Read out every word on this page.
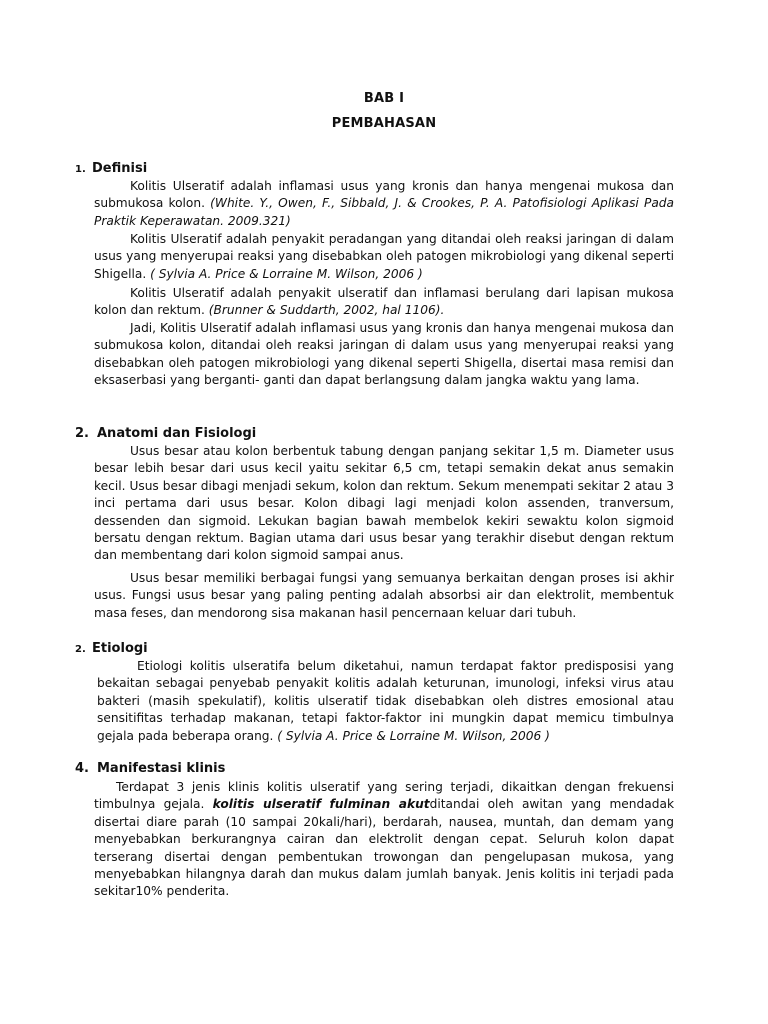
BAB I
PEMBAHASAN
1. Definisi

Kolitis Ulseratif adalah inflamasi usus yang kronis dan hanya mengenai mukosa dan submukosa kolon. (White. Y., Owen, F., Sibbald, J. & Crookes, P. A. Patofisiologi Aplikasi Pada Praktik Keperawatan. 2009.321)

Kolitis Ulseratif adalah penyakit peradangan yang ditandai oleh reaksi jaringan di dalam usus yang menyerupai reaksi yang disebabkan oleh patogen mikrobiologi yang dikenal seperti Shigella. ( Sylvia A. Price & Lorraine M. Wilson, 2006 )

Kolitis Ulseratif adalah penyakit ulseratif dan inflamasi berulang dari lapisan mukosa kolon dan rektum. (Brunner & Suddarth, 2002, hal 1106).

Jadi, Kolitis Ulseratif adalah inflamasi usus yang kronis dan hanya mengenai mukosa dan submukosa kolon, ditandai oleh reaksi jaringan di dalam usus yang menyerupai reaksi yang disebabkan oleh patogen mikrobiologi yang dikenal seperti Shigella, disertai masa remisi dan eksaserbasi yang berganti- ganti dan dapat berlangsung dalam jangka waktu yang lama.

2. Anatomi dan Fisiologi

Usus besar atau kolon berbentuk tabung dengan panjang sekitar 1,5 m. Diameter usus besar lebih besar dari usus kecil yaitu sekitar 6,5 cm, tetapi semakin dekat anus semakin kecil. Usus besar dibagi menjadi sekum, kolon dan rektum. Sekum menempati sekitar 2 atau 3 inci pertama dari usus besar. Kolon dibagi lagi menjadi kolon assenden, tranversum, dessenden dan sigmoid. Lekukan bagian bawah membelok kekiri sewaktu kolon sigmoid bersatu dengan rektum. Bagian utama dari usus besar yang terakhir disebut dengan rektum dan membentang dari kolon sigmoid sampai anus.

Usus besar memiliki berbagai fungsi yang semuanya berkaitan dengan proses isi akhir usus. Fungsi usus besar yang paling penting adalah absorbsi air dan elektrolit, membentuk masa feses, dan mendorong sisa makanan hasil pencernaan keluar dari tubuh.

2. Etiologi

Etiologi kolitis ulseratifa belum diketahui, namun terdapat faktor predisposisi yang bekaitan sebagai penyebab penyakit kolitis adalah keturunan, imunologi, infeksi virus atau bakteri (masih spekulatif), kolitis ulseratif tidak disebabkan oleh distres emosional atau sensitifitas terhadap makanan, tetapi faktor-faktor ini mungkin dapat memicu timbulnya gejala pada beberapa orang. ( Sylvia A. Price & Lorraine M. Wilson, 2006 )

4. Manifestasi klinis

Terdapat 3 jenis klinis kolitis ulseratif yang sering terjadi, dikaitkan dengan frekuensi timbulnya gejala. kolitis ulseratif fulminan akutditandai oleh awitan yang mendadak disertai diare parah (10 sampai 20kali/hari), berdarah, nausea, muntah, dan demam yang menyebabkan berkurangnya cairan dan elektrolit dengan cepat. Seluruh kolon dapat terserang disertai dengan pembentukan trowongan dan pengelupasan mukosa, yang menyebabkan hilangnya darah dan mukus dalam jumlah banyak. Jenis kolitis ini terjadi pada sekitar10% penderita.
